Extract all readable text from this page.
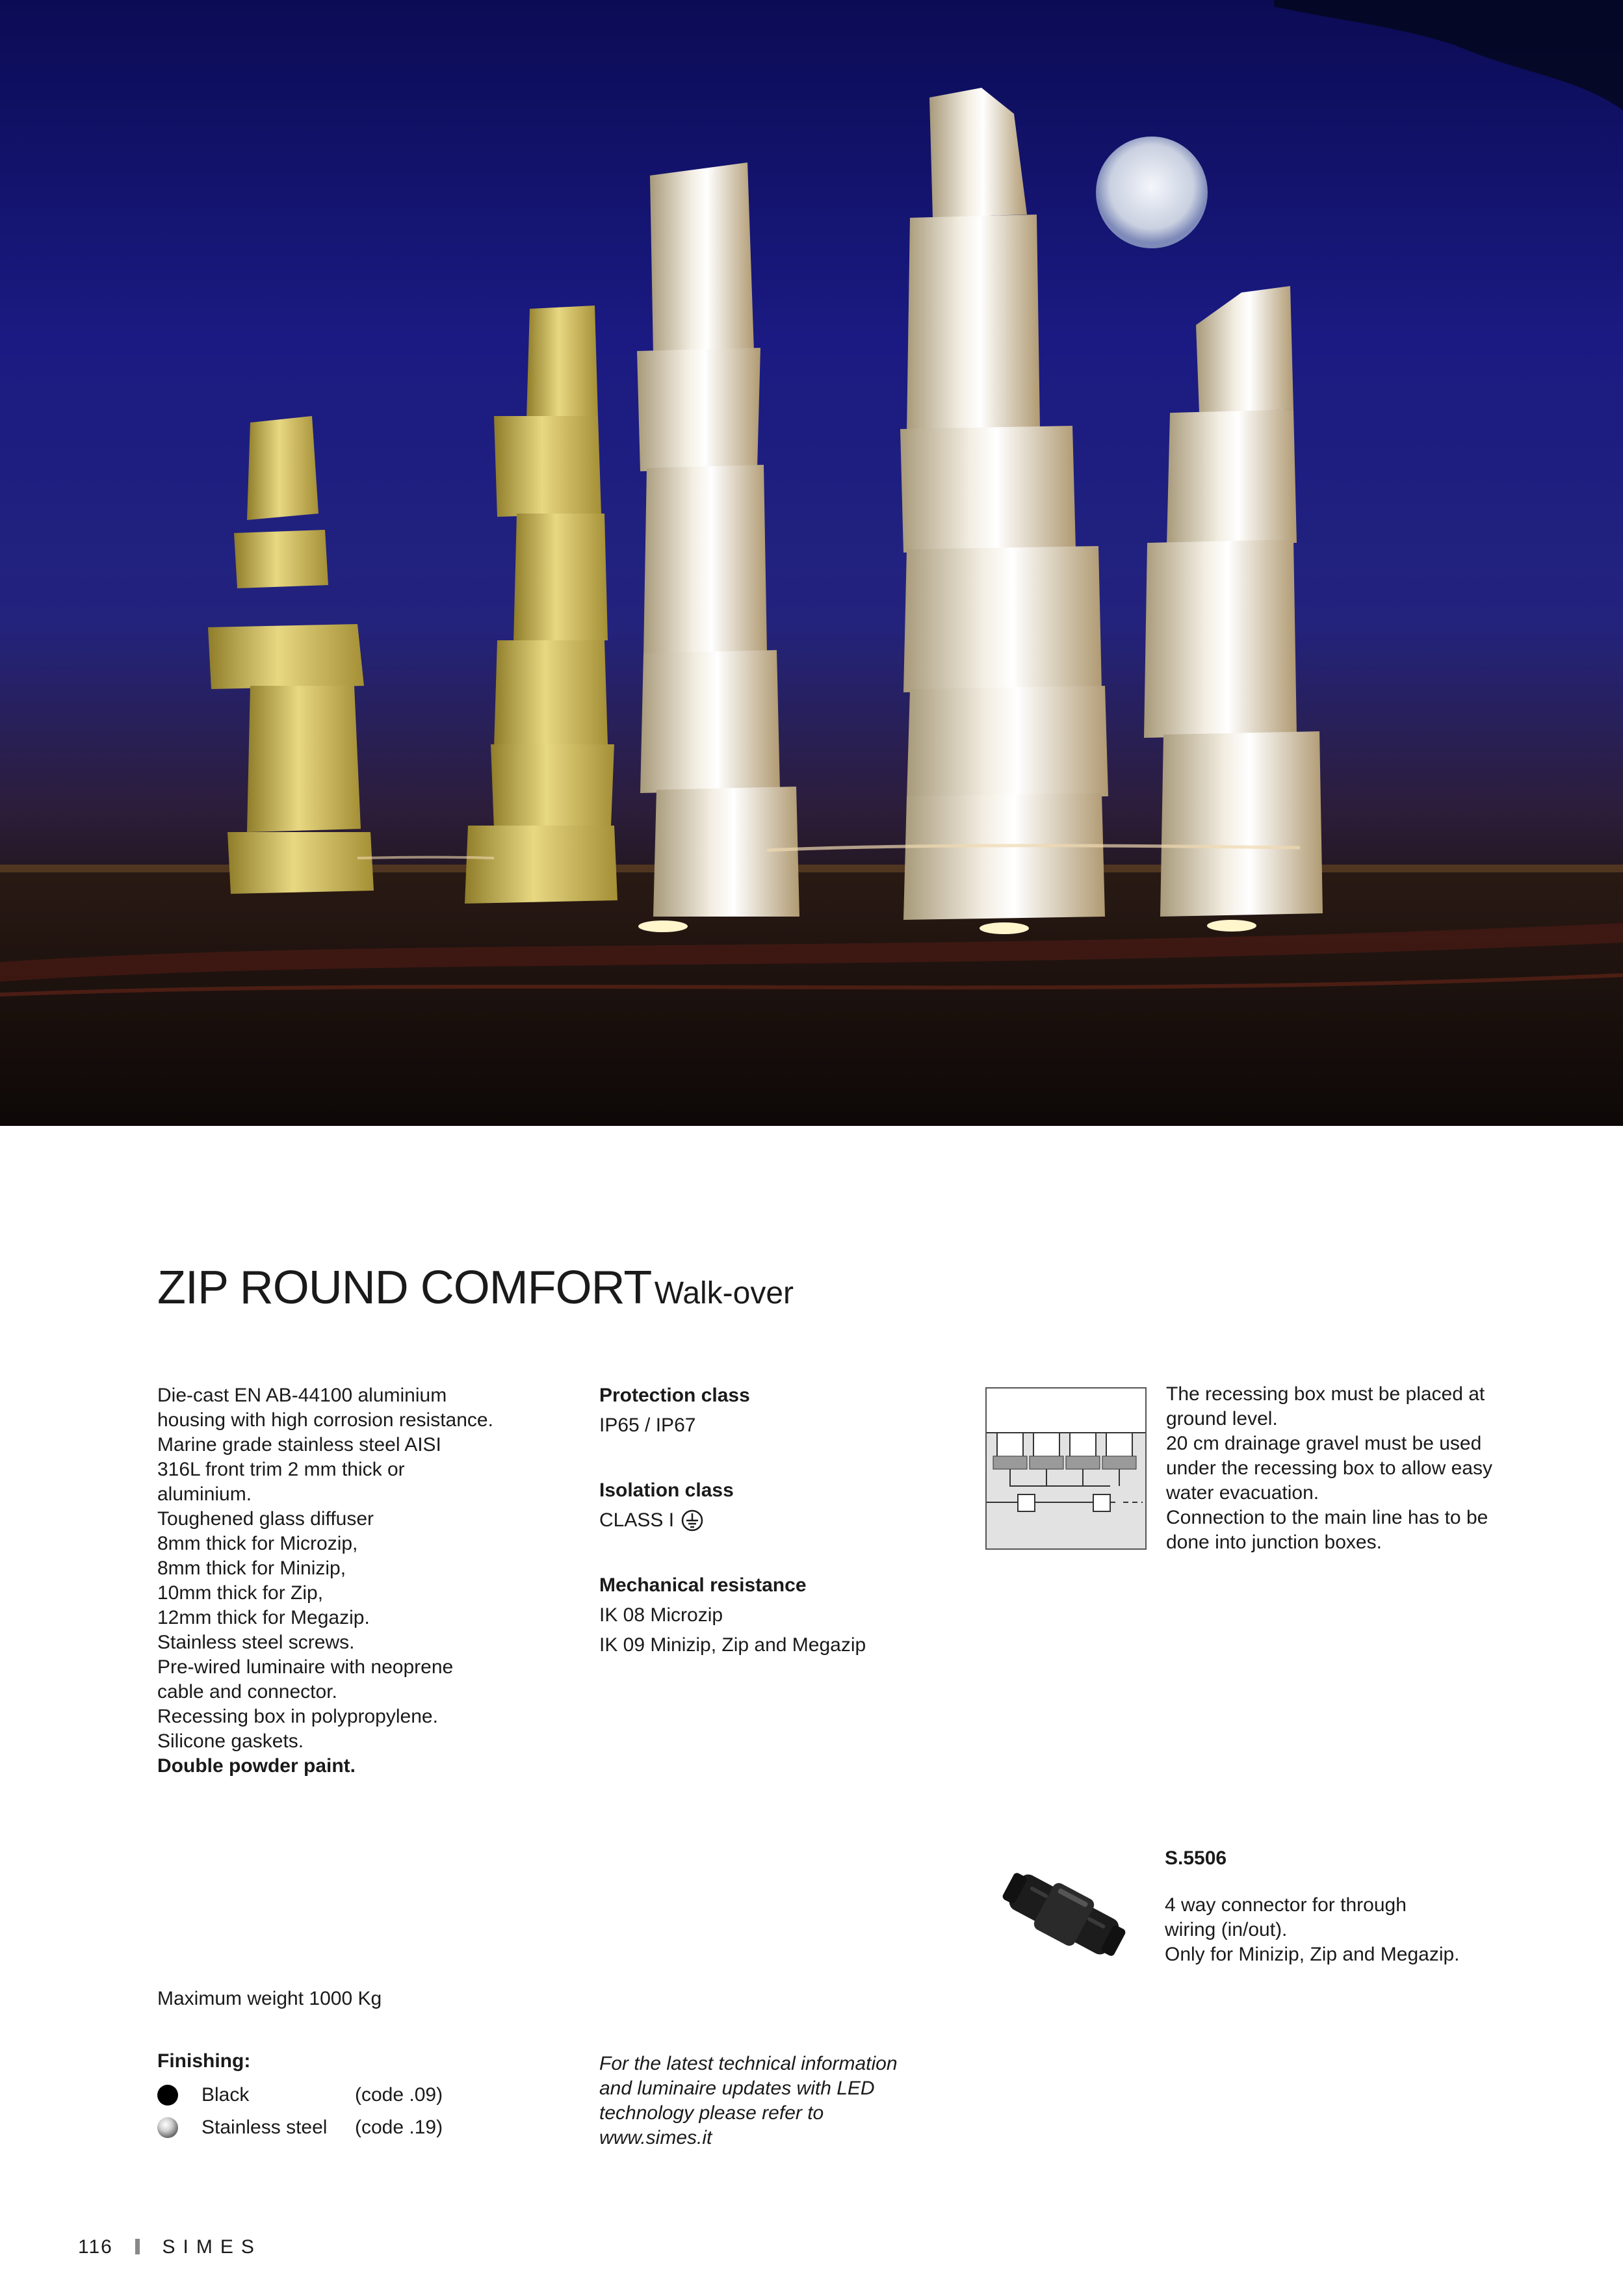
ZIP ROUND COMFORT Walk-over
Die-cast EN AB-44100 aluminium
housing with high corrosion resistance.
Marine grade stainless steel AISI
316L front trim 2 mm thick or
aluminium.
Toughened glass diffuser
8mm thick for Microzip,
8mm thick for Minizip,
10mm thick for Zip,
12mm thick for Megazip.
Stainless steel screws.
Pre-wired luminaire with neoprene
cable and connector.
Recessing box in polypropylene.
Silicone gaskets.
Double powder paint.
Protection class
IP65 / IP67
Isolation class
CLASS I
Mechanical resistance
IK 08 Microzip
IK 09 Minizip, Zip and Megazip
The recessing box must be placed at
ground level.
20 cm drainage gravel must be used
under the recessing box to allow easy
water evacuation.
Connection to the main line has to be
done into junction boxes.
S.5506
4 way connector for through
wiring (in/out).
Only for Minizip, Zip and Megazip.
Maximum weight 1000 Kg
Finishing:
Black	(code .09)
Stainless steel	(code .19)
For the latest technical information
and luminaire updates with LED
technology please refer to
www.simes.it
116	SIMES
